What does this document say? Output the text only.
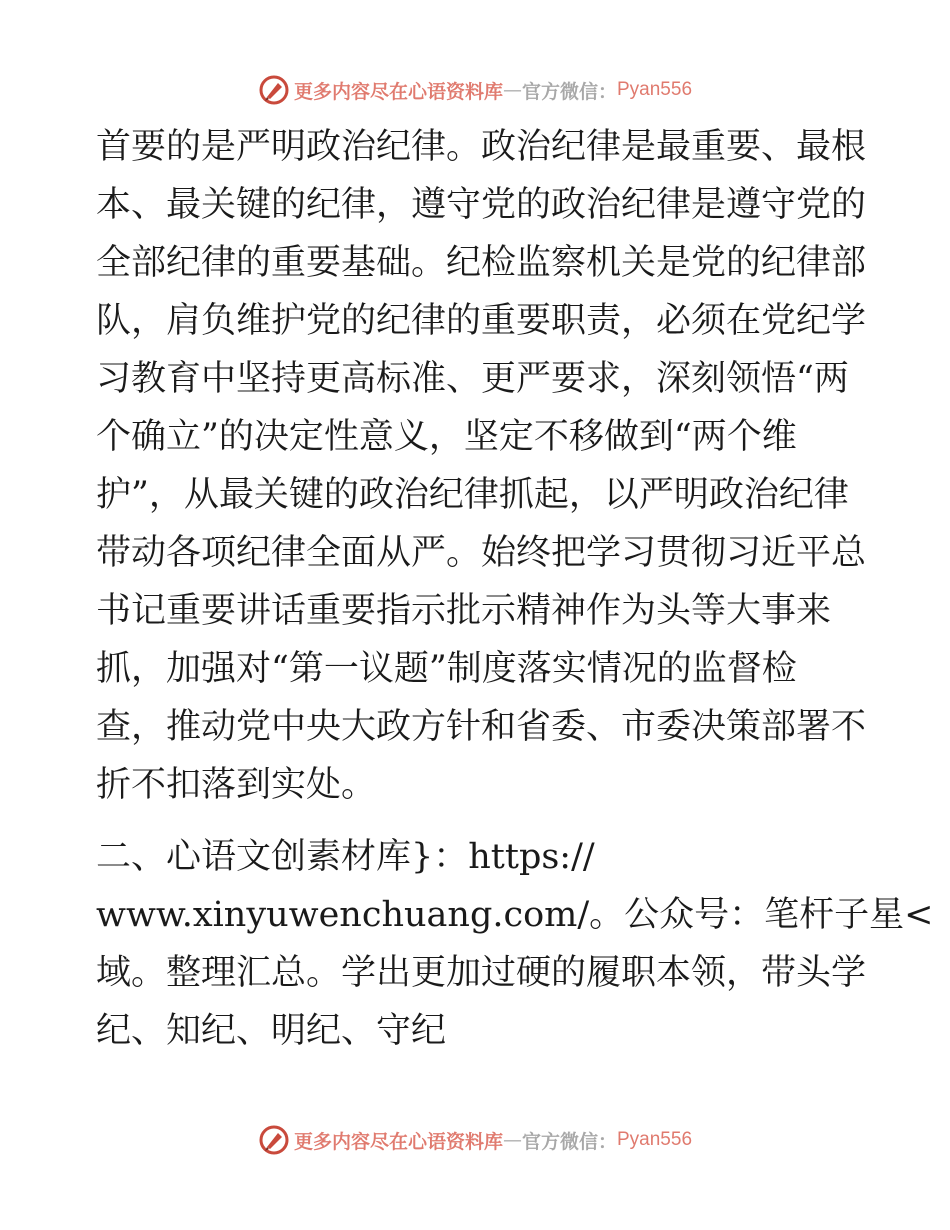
更多内容尽在心语资料库 — 官方微信： Pyan556
首要的是严明政治纪律。政治纪律是最重要、最根
本、最关键的纪律，遵守党的政治纪律是遵守党的
全部纪律的重要基础。纪检监察机关是党的纪律部
队，肩负维护党的纪律的重要职责，必须在党纪学
习教育中坚持更高标准、更严要求，深刻领悟“两
个确立”的决定性意义，坚定不移做到“两个维
护”，从最关键的政治纪律抓起，以严明政治纪律
带动各项纪律全面从严。始终把学习贯彻习近平总
书记重要讲话重要指示批示精神作为头等大事来
抓，加强对“第一议题”制度落实情况的监督检
查，推动党中央大政方针和省委、市委决策部署不
折不扣落到实处。
二、心语文创素材库}：https://
www.xinyuwenchuang.com/。公众号：笔杆子星<
域。整理汇总。学出更加过硬的履职本领，带头学
纪、知纪、明纪、守纪
更多内容尽在心语资料库 — 官方微信： Pyan556
